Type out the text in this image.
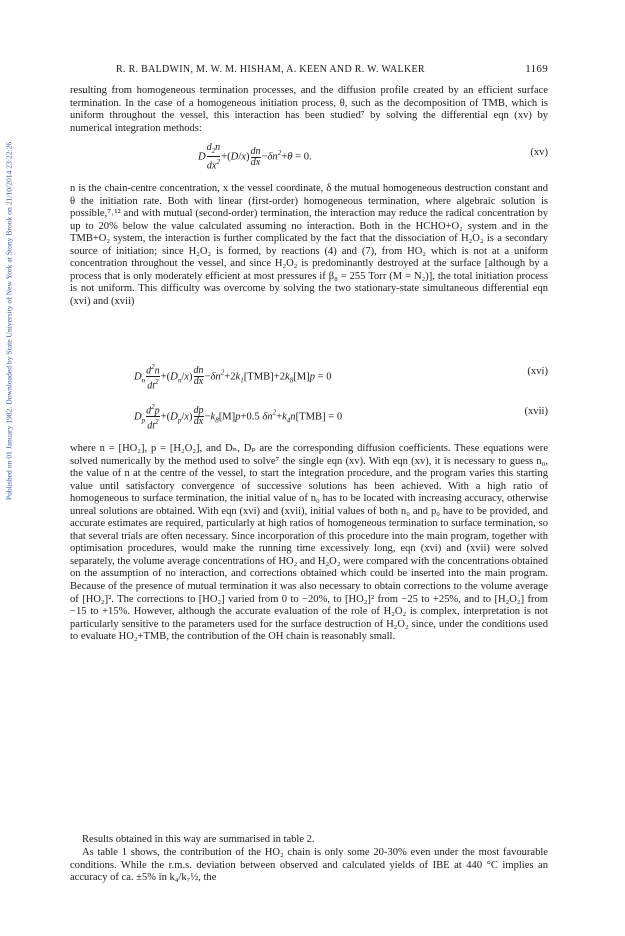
Published on 01 January 1982. Downloaded by State University of New York at Stony Brook on 21/10/2014 23:22:26.
R. R. BALDWIN, M. W. M. HISHAM, A. KEEN AND R. W. WALKER	1169

resulting from homogeneous termination processes, and the diffusion profile created by an efficient surface termination. In the case of a homogeneous initiation process, θ, such as the decomposition of TMB, which is uniform throughout the vessel, this interaction has been studied⁷ by solving the differential eqn (xv) by numerical integration methods:

D $\frac{d_2n}{dx^2} +(D/x) \frac{dn}{dx} -\delta n^2+\theta = 0$.	(xv)

n is the chain-centre concentration, x the vessel coordinate, δ the mutual homogeneous destruction constant and θ the initiation rate. Both with linear (first-order) homogeneous termination, where algebraic solution is possible,⁷˒¹² and with mutual (second-order) termination, the interaction may reduce the radical concentration by up to 20% below the value calculated assuming no interaction. Both in the HCHO+O₂ system and in the TMB+O₂ system, the interaction is further complicated by the fact that the dissociation of H₂O₂ is a secondary source of initiation; since H₂O₂ is formed, by reactions (4) and (7), from HO₂ which is not at a uniform concentration throughout the vessel, and since H₂O₂ is predominantly destroyed at the surface [although by a process that is only moderately efficient at most pressures if β₈ = 255 Torr (M = N₂)], the total initiation process is not uniform. This difficulty was overcome by solving the two stationary-state simultaneous differential eqn (xvi) and (xvii)

$D_n \frac{d^2n}{dt^2} +(D_n/x) \frac{dn}{dx} -\delta n^2+2k_1[TMB]+2k_8[M]p = 0$	(xvi)
$D_p \frac{d^2p}{dt^2} +(D_p/x) \frac{dp}{dx} -k_8[M]p+0.5$ $\delta n^2+k_4n[TMB] = 0$	(xvii)

where n = [HO₂], p = [H₂O₂], and Dₙ, Dₚ are the corresponding diffusion coefficients. These equations were solved numerically by the method used to solve⁷ the single eqn (xv). With eqn (xv), it is necessary to guess n₀, the value of n at the centre of the vessel, to start the integration procedure, and the program varies this starting value until satisfactory convergence of successive solutions has been achieved. With a high ratio of homogeneous to surface termination, the initial value of n₀ has to be located with increasing accuracy, otherwise unreal solutions are obtained. With eqn (xvi) and (xvii), initial values of both n₀ and p₀ have to be provided, and accurate estimates are required, particularly at high ratios of homogeneous termination to surface termination, so that several trials are often necessary. Since incorporation of this procedure into the main program, together with optimisation procedures, would make the running time excessively long, eqn (xvi) and (xvii) were solved separately, the volume average concentrations of HO₂ and H₂O₂ were compared with the concentrations obtained on the assumption of no interaction, and corrections obtained which could be inserted into the main program. Because of the presence of mutual termination it was also necessary to obtain corrections to the volume average of [HO₂]². The corrections to [HO₂] varied from 0 to −20%, to [HO₂]² from −25 to +25%, and to [H₂O₂] from −15 to +15%. However, although the accurate evaluation of the role of H₂O₂ is complex, interpretation is not particularly sensitive to the parameters used for the surface destruction of H₂O₂ since, under the conditions used to evaluate HO₂+TMB, the contribution of the OH chain is reasonably small.

Results obtained in this way are summarised in table 2.

As table 1 shows, the contribution of the HO₂ chain is only some 20-30% even under the most favourable conditions. While the r.m.s. deviation between observed and calculated yields of IBE at 440 °C implies an accuracy of ca. ±5% in k₄/k₇½, the
